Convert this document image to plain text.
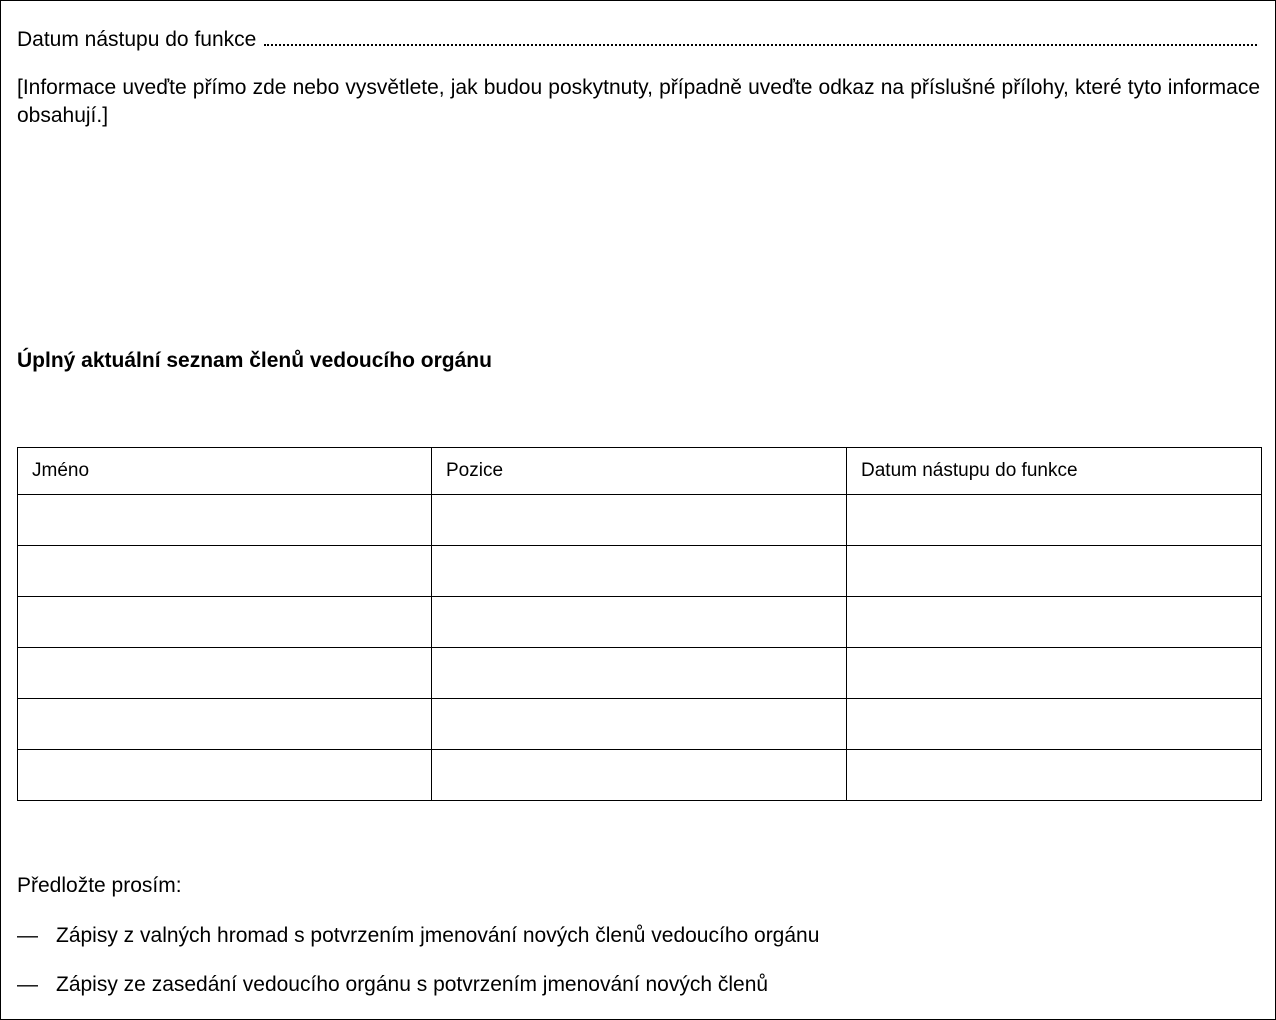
Datum nástupu do funkce
[Informace uveďte přímo zde nebo vysvětlete, jak budou poskytnuty, případně uveďte odkaz na příslušné přílohy, které tyto informace obsahují.]
Úplný aktuální seznam členů vedoucího orgánu
Jméno	Pozice	Datum nástupu do funkce

Předložte prosím:
— Zápisy z valných hromad s potvrzením jmenování nových členů vedoucího orgánu
— Zápisy ze zasedání vedoucího orgánu s potvrzením jmenování nových členů
